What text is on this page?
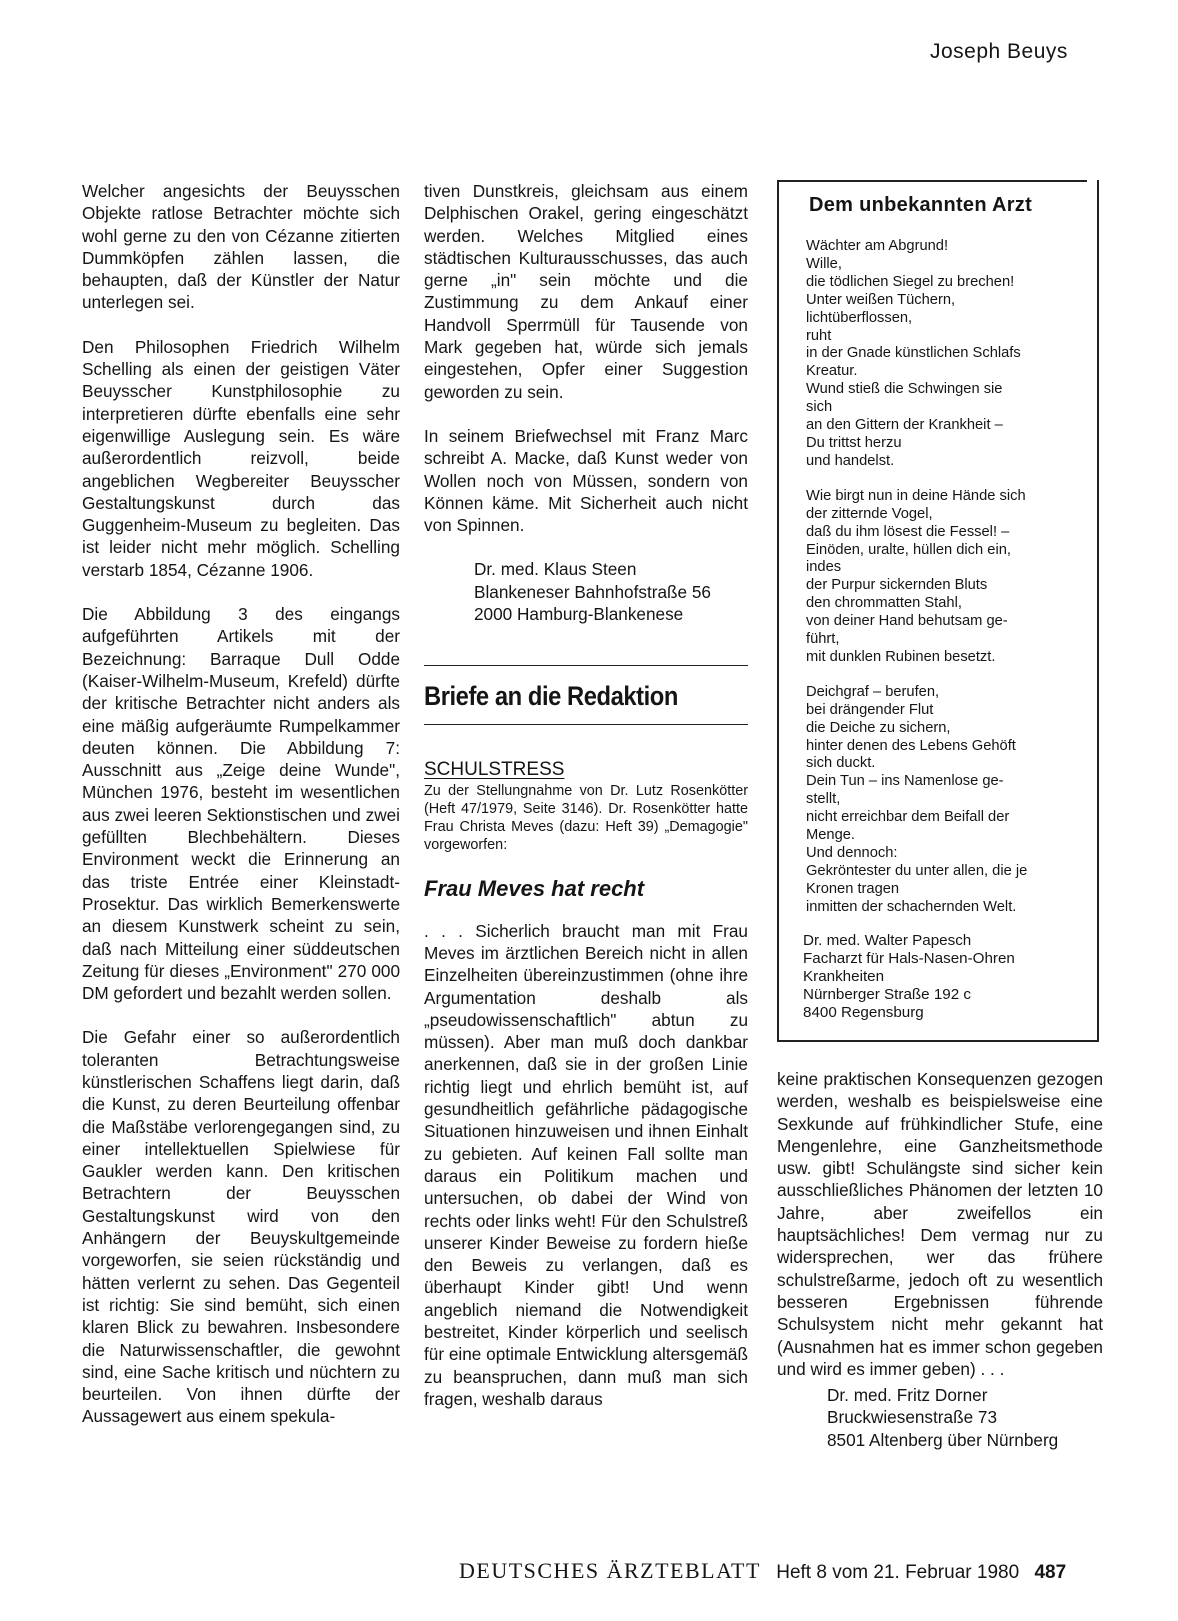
Joseph Beuys

Welcher angesichts der Beuysschen Objekte ratlose Betrachter möchte sich wohl gerne zu den von Cézanne zitierten Dummköpfen zählen lassen, die behaupten, daß der Künstler der Natur unterlegen sei.

Den Philosophen Friedrich Wilhelm Schelling als einen der geistigen Väter Beuysscher Kunstphilosophie zu interpretieren dürfte ebenfalls eine sehr eigenwillige Auslegung sein. Es wäre außerordentlich reizvoll, beide angeblichen Wegbereiter Beuysscher Gestaltungskunst durch das Guggenheim-Museum zu begleiten. Das ist leider nicht mehr möglich. Schelling verstarb 1854, Cézanne 1906.

Die Abbildung 3 des eingangs aufgeführten Artikels mit der Bezeichnung: Barraque Dull Odde (Kaiser-Wilhelm-Museum, Krefeld) dürfte der kritische Betrachter nicht anders als eine mäßig aufgeräumte Rumpelkammer deuten können. Die Abbildung 7: Ausschnitt aus „Zeige deine Wunde", München 1976, besteht im wesentlichen aus zwei leeren Sektionstischen und zwei gefüllten Blechbehältern. Dieses Environment weckt die Erinnerung an das triste Entrée einer Kleinstadt-Prosektur. Das wirklich Bemerkenswerte an diesem Kunstwerk scheint zu sein, daß nach Mitteilung einer süddeutschen Zeitung für dieses „Environment" 270 000 DM gefordert und bezahlt werden sollen.

Die Gefahr einer so außerordentlich toleranten Betrachtungsweise künstlerischen Schaffens liegt darin, daß die Kunst, zu deren Beurteilung offenbar die Maßstäbe verlorengegangen sind, zu einer intellektuellen Spielwiese für Gaukler werden kann. Den kritischen Betrachtern der Beuysschen Gestaltungskunst wird von den Anhängern der Beuyskultgemeinde vorgeworfen, sie seien rückständig und hätten verlernt zu sehen. Das Gegenteil ist richtig: Sie sind bemüht, sich einen klaren Blick zu bewahren. Insbesondere die Naturwissenschaftler, die gewohnt sind, eine Sache kritisch und nüchtern zu beurteilen. Von ihnen dürfte der Aussagewert aus einem spekula-

tiven Dunstkreis, gleichsam aus einem Delphischen Orakel, gering eingeschätzt werden. Welches Mitglied eines städtischen Kulturausschusses, das auch gerne „in" sein möchte und die Zustimmung zu dem Ankauf einer Handvoll Sperrmüll für Tausende von Mark gegeben hat, würde sich jemals eingestehen, Opfer einer Suggestion geworden zu sein.

In seinem Briefwechsel mit Franz Marc schreibt A. Macke, daß Kunst weder von Wollen noch von Müssen, sondern von Können käme. Mit Sicherheit auch nicht von Spinnen.

Dr. med. Klaus Steen
Blankeneser Bahnhofstraße 56
2000 Hamburg-Blankenese
Briefe an die Redaktion

SCHULSTRESS

Zu der Stellungnahme von Dr. Lutz Rosenkötter (Heft 47/1979, Seite 3146). Dr. Rosenkötter hatte Frau Christa Meves (dazu: Heft 39) „Demagogie" vorgeworfen:

Frau Meves hat recht

. . . Sicherlich braucht man mit Frau Meves im ärztlichen Bereich nicht in allen Einzelheiten übereinzustimmen (ohne ihre Argumentation deshalb als „pseudowissenschaftlich" abtun zu müssen). Aber man muß doch dankbar anerkennen, daß sie in der großen Linie richtig liegt und ehrlich bemüht ist, auf gesundheitlich gefährliche pädagogische Situationen hinzuweisen und ihnen Einhalt zu gebieten. Auf keinen Fall sollte man daraus ein Politikum machen und untersuchen, ob dabei der Wind von rechts oder links weht! Für den Schulstreß unserer Kinder Beweise zu fordern hieße den Beweis zu verlangen, daß es überhaupt Kinder gibt! Und wenn angeblich niemand die Notwendigkeit bestreitet, Kinder körperlich und seelisch für eine optimale Entwicklung altersgemäß zu beanspruchen, dann muß man sich fragen, weshalb daraus

Dem unbekannten Arzt
Wächter am Abgrund!
Wille,
die tödlichen Siegel zu brechen!
Unter weißen Tüchern,
lichtüberflossen,
ruht
in der Gnade künstlichen Schlafs
Kreatur.
Wund stieß die Schwingen sie
sich
an den Gittern der Krankheit –
Du trittst herzu
und handelst.
Wie birgt nun in deine Hände sich
der zitternde Vogel,
daß du ihm lösest die Fessel! –
Einöden, uralte, hüllen dich ein,
indes
der Purpur sickernden Bluts
den chrommatten Stahl,
von deiner Hand behutsam ge-
führt,
mit dunklen Rubinen besetzt.
Deichgraf – berufen,
bei drängender Flut
die Deiche zu sichern,
hinter denen des Lebens Gehöft
sich duckt.
Dein Tun – ins Namenlose ge-
stellt,
nicht erreichbar dem Beifall der
Menge.
Und dennoch:
Gekröntester du unter allen, die je
Kronen tragen
inmitten der schachernden Welt.
Dr. med. Walter Papesch
Facharzt für Hals-Nasen-Ohren
Krankheiten
Nürnberger Straße 192 c
8400 Regensburg

keine praktischen Konsequenzen gezogen werden, weshalb es beispielsweise eine Sexkunde auf frühkindlicher Stufe, eine Mengenlehre, eine Ganzheitsmethode usw. gibt! Schulängste sind sicher kein ausschließliches Phänomen der letzten 10 Jahre, aber zweifellos ein hauptsächliches! Dem vermag nur zu widersprechen, wer das frühere schulstreßarme, jedoch oft zu wesentlich besseren Ergebnissen führende Schulsystem nicht mehr gekannt hat (Ausnahmen hat es immer schon gegeben und wird es immer geben) . . .

Dr. med. Fritz Dorner
Bruckwiesenstraße 73
8501 Altenberg über Nürnberg
DEUTSCHES ÄRZTEBLATT Heft 8 vom 21. Februar 1980 487
